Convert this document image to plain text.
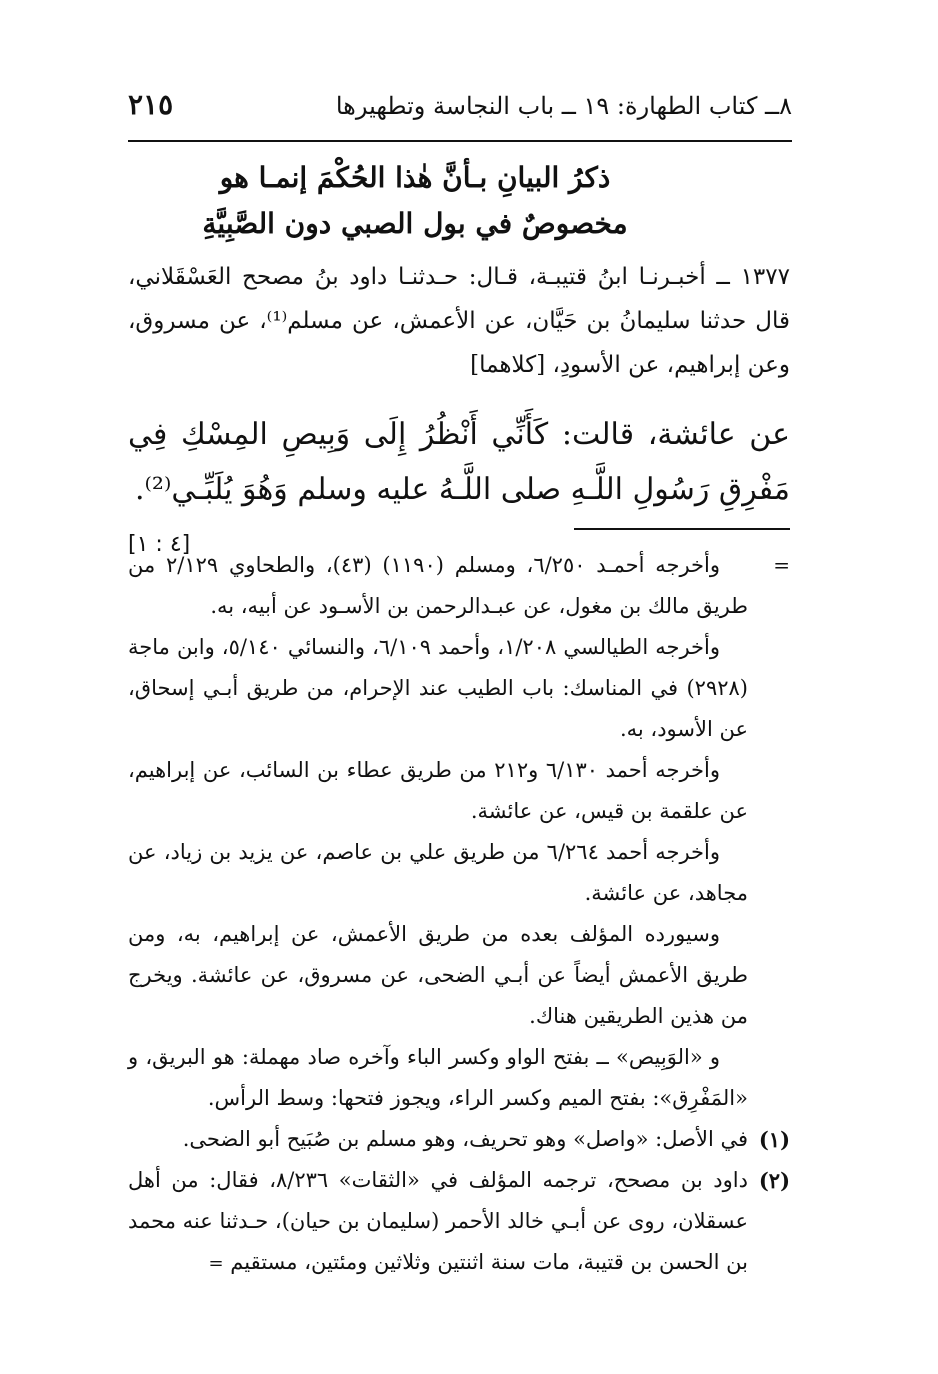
٢١٥	٨ــ كتاب الطهارة: ١٩ ــ باب النجاسة وتطهيرها
ذكرُ البيانِ بـأنَّ هٰذا الحُكْمَ إنمـا هو
مخصوصٌ في بول الصبي دون الصَّبِيَّةِ
١٣٧٧ ــ أخبـرنـا ابنُ قتيبـة، قـال: حـدثنـا داود بنُ مصحح العَسْقَلاني، قال حدثنا سليمانُ بن حَيَّان، عن الأعمش، عن مسلم⁽¹⁾، عن مسروق، وعن إبراهيم، عن الأسودِ، [كلاهما]
عن عائشة، قالت: كَأَنِّي أَنْظُرُ إِلَى وَبِيصِ المِسْكِ فِي مَفْرِقِ رَسُولِ اللَّـهِ صلى اللَّـهُ عليه وسلم وَهُوَ يُلَبِّـي⁽²⁾.
[٤ : ١]
=

وأخرجه أحمـد ٦/٢٥٠، ومسلم (١١٩٠) (٤٣)، والطحاوي ٢/١٢٩ من طريق مالك بن مغول، عن عبـدالرحمن بن الأسـود عن أبيه، به.

وأخرجه الطيالسي ١/٢٠٨، وأحمد ٦/١٠٩، والنسائي ٥/١٤٠، وابن ماجة (٢٩٢٨) في المناسك: باب الطيب عند الإحرام، من طريق أبـي إسحاق، عن الأسود، به.

وأخرجه أحمد ٦/١٣٠ و٢١٢ من طريق عطاء بن السائب، عن إبراهيم، عن علقمة بن قيس، عن عائشة.

وأخرجه أحمد ٦/٢٦٤ من طريق علي بن عاصم، عن يزيد بن زياد، عن مجاهد، عن عائشة.

وسيورده المؤلف بعده من طريق الأعمش، عن إبراهيم، به، ومن طريق الأعمش أيضاً عن أبـي الضحى، عن مسروق، عن عائشة. ويخرج من هذين الطريقين هناك.

و «الوَبِيص» ــ بفتح الواو وكسر الباء وآخره صاد مهملة: هو البريق، و «المَفْرِق»: بفتح الميم وكسر الراء، ويجوز فتحها: وسط الرأس.

(١)

في الأصل: «واصل» وهو تحريف، وهو مسلم بن صُبَيح أبو الضحى.

(٢)

داود بن مصحح، ترجمه المؤلف في «الثقات» ٨/٢٣٦، فقال: من أهل عسقلان، روى عن أبـي خالد الأحمر (سليمان بن حيان)، حـدثنا عنه محمد بن الحسن بن قتيبة، مات سنة اثنتين وثلاثين ومئتين، مستقيم =
